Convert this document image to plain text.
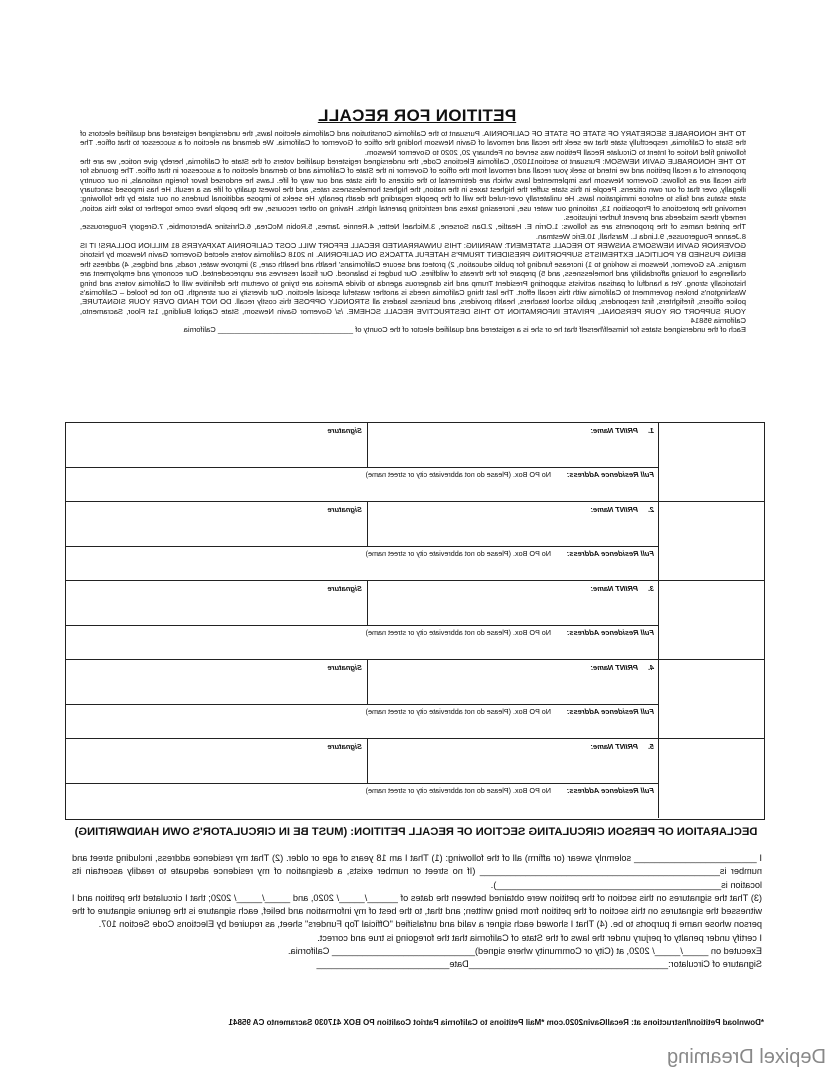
PETITION FOR RECALL

TO THE HONORABLE SECRETARY OF STATE OF STATE OF CALIFORNIA. Pursuant to the California Constitution and California election laws, the undersigned registered and qualified electors of the State of California, respectfully state that we seek the recall and removal of Gavin Newsom holding the office of Governor of California. We demand an election of a successor to that office. The following filed Notice of Intent to Circulate Recall Petition was served on February 20, 2020 to Governor Newsom.

TO THE HONORABLE GAVIN NEWSOM: Pursuant to section11020, California Elections Code, the undersigned registered qualified voters of the State of California, hereby give notice, we are the proponents of a recall petition and we intend to seek your recall and removal from the office of Governor in the State of California and to demand election of a successor in that office. The grounds for this recall are as follows: Governor Newsom has implemented laws which are detrimental to the citizens of this state and our way of life. Laws he endorsed favor foreign nationals, in our country illegally, over that of our own citizens. People in this state suffer the highest taxes in the nation, the highest homelessness rates, and the lowest quality of life as a result. He has imposed sanctuary state status and fails to enforce immigration laws. He unilaterally over-ruled the will of the people regarding the death penalty. He seeks to impose additional burdens on our state by the following: removing the protections of Proposition 13, rationing our water use, increasing taxes and restricting parental rights. Having no other recourse, we the people have come together to take this action, remedy these misdeeds and prevent further injustices.

The printed names of the proponents are as follows: 1.Orrin E. Heatlie, 2.Dan Sorsene, 3.Michael Netter, 4.Rennie James, 5.Robin McCrea, 6.Christine Abercrombie, 7.Gregory Fougerousse, 8.Jeanne Fougerousse, 9.Linda L. Marshall, 10.Eric Westman.

GOVERNOR GAVIN NEWSOM'S ANSWER TO RECALL STATEMENT: WARNING: THIS UNWARRANTED RECALL EFFORT WILL COST CALIFORNIA TAXPAYERS 81 MILLION DOLLARS! IT IS BEING PUSHED BY POLITICAL EXTREMISTS SUPPORTING PRESIDENT TRUMP'S HATEFUL ATTACKS ON CALIFORNIA. In 2018 California voters elected Governor Gavin Newsom by historic margins. As Governor, Newsom is working to 1) increase funding for public education, 2) protect and secure Californians' health and health care, 3) improve water, roads, and bridges, 4) address the challenges of housing affordability and homelessness, and 5) prepare for the threats of wildfires. Our budget is balanced. Our fiscal reserves are unprecedented. Our economy and employment are historically strong. Yet a handful of partisan activists supporting President Trump and his dangerous agenda to divide America are trying to overturn the definitive will of California voters and bring Washington's broken government to California with this recall effort. The last thing California needs is another wasteful special election. Our diversity is our strength. Do not be fooled – California's police officers, firefighters, first responders, public school teachers, health providers, and business leaders all STRONGLY OPPOSE this costly recall. DO NOT HAND OVER YOUR SIGNATURE, YOUR SUPPORT OR YOUR PERSONAL, PRIVATE INFORMATION TO THIS DESTRUCTIVE RECALL SCHEME. /s/ Governor Gavin Newsom, State Capitol Building, 1st Floor, Sacramento, California 95814

Each of the undersigned states for himself/herself that he or she is a registered and qualified elector of the County of ________________________________ California

1.
PRINT Name:
Signature
Full Residence Address:
No PO Box. (Please do not abbreviate city or street name)
2.
PRINT Name:
Signature
Full Residence Address:
No PO Box. (Please do not abbreviate city or street name)
3.
PRINT Name:
Signature
Full Residence Address:
No PO Box. (Please do not abbreviate city or street name)
4.
PRINT Name:
Signature
Full Residence Address:
No PO Box. (Please do not abbreviate city or street name)
5.
PRINT Name:
Signature
Full Residence Address:
No PO Box. (Please do not abbreviate city or street name)
DECLARATION OF PERSON CIRCULATING SECTION OF RECALL PETITION: (MUST BE IN CIRCULATOR'S OWN HANDWRITING)

I ________________________ solemnly swear (or affirm) all of the following: (1) That I am 18 years of age or older. (2) That my residence address, including street and number is_______________________________________________ (If no street or number exists, a designation of my residence adequate to readily ascertain its location is____________________________________________).

(3) That the signatures on this section of the petition were obtained between the dates of ______/_____/ 2020, and _____/_____/ 2020; that I circulated the petition and I witnessed the signatures on this section of the petition from being written; and that, to the best of my information and belief, each signature is the genuine signature of the person whose name it purports to be. (4) That I showed each signer a valid and unfalsified "Official Top Funders" sheet, as required by Elections Code Section 107.

I certify under penalty of perjury under the laws of the State of California that the foregoing is true and correct.

Executed on _____/_____/ 2020, at (City or Community where signed)____________________________ California.

Signature of Circulator:_______________________________________Date__________________________

*Download Petition/Instructions at: RecallGavin2020.com *Mail Petitions to California Patriot Coalition PO BOX 417030 Sacramento CA 95841
Depixel Dreaming
